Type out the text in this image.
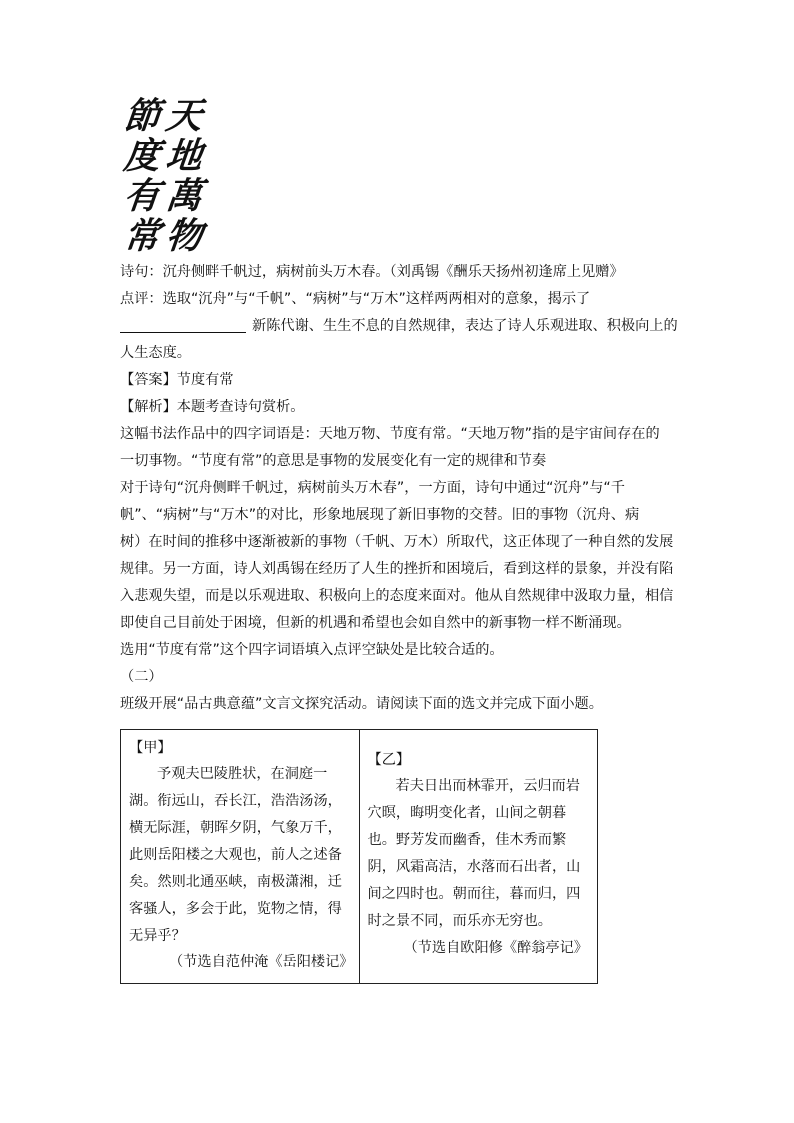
天
地
萬
物
節
度
有
常
诗句：沉舟侧畔千帆过，病树前头万木春。（刘禹锡《酬乐天扬州初逢席上见赠》
点评：选取“沉舟”与“千帆”、“病树”与“万木”这样两两相对的意象，揭示了
新陈代谢、生生不息的自然规律，表达了诗人乐观进取、积极向上的
人生态度。
【答案】节度有常
【解析】本题考查诗句赏析。
这幅书法作品中的四字词语是：天地万物、节度有常。“天地万物”指的是宇宙间存在的
一切事物。“节度有常”的意思是事物的发展变化有一定的规律和节奏
对于诗句“沉舟侧畔千帆过，病树前头万木春”，一方面，诗句中通过“沉舟”与“千
帆”、“病树”与“万木”的对比，形象地展现了新旧事物的交替。旧的事物（沉舟、病
树）在时间的推移中逐渐被新的事物（千帆、万木）所取代，这正体现了一种自然的发展
规律。另一方面，诗人刘禹锡在经历了人生的挫折和困境后，看到这样的景象，并没有陷
入悲观失望，而是以乐观进取、积极向上的态度来面对。他从自然规律中汲取力量，相信
即使自己目前处于困境，但新的机遇和希望也会如自然中的新事物一样不断涌现。
选用“节度有常”这个四字词语填入点评空缺处是比较合适的。
（二）
班级开展“品古典意蕴”文言文探究活动。请阅读下面的选文并完成下面小题。
【甲】
予观夫巴陵胜状，在洞庭一
湖。衔远山，吞长江，浩浩汤汤，
横无际涯，朝晖夕阴，气象万千，
此则岳阳楼之大观也，前人之述备
矣。然则北通巫峡，南极潇湘，迁
客骚人，多会于此，览物之情，得
无异乎？
（节选自范仲淹《岳阳楼记》

【乙】
若夫日出而林霏开，云归而岩
穴暝，晦明变化者，山间之朝暮
也。野芳发而幽香，佳木秀而繁
阴，风霜高洁，水落而石出者，山
间之四时也。朝而往，暮而归，四
时之景不同，而乐亦无穷也。
（节选自欧阳修《醉翁亭记》
